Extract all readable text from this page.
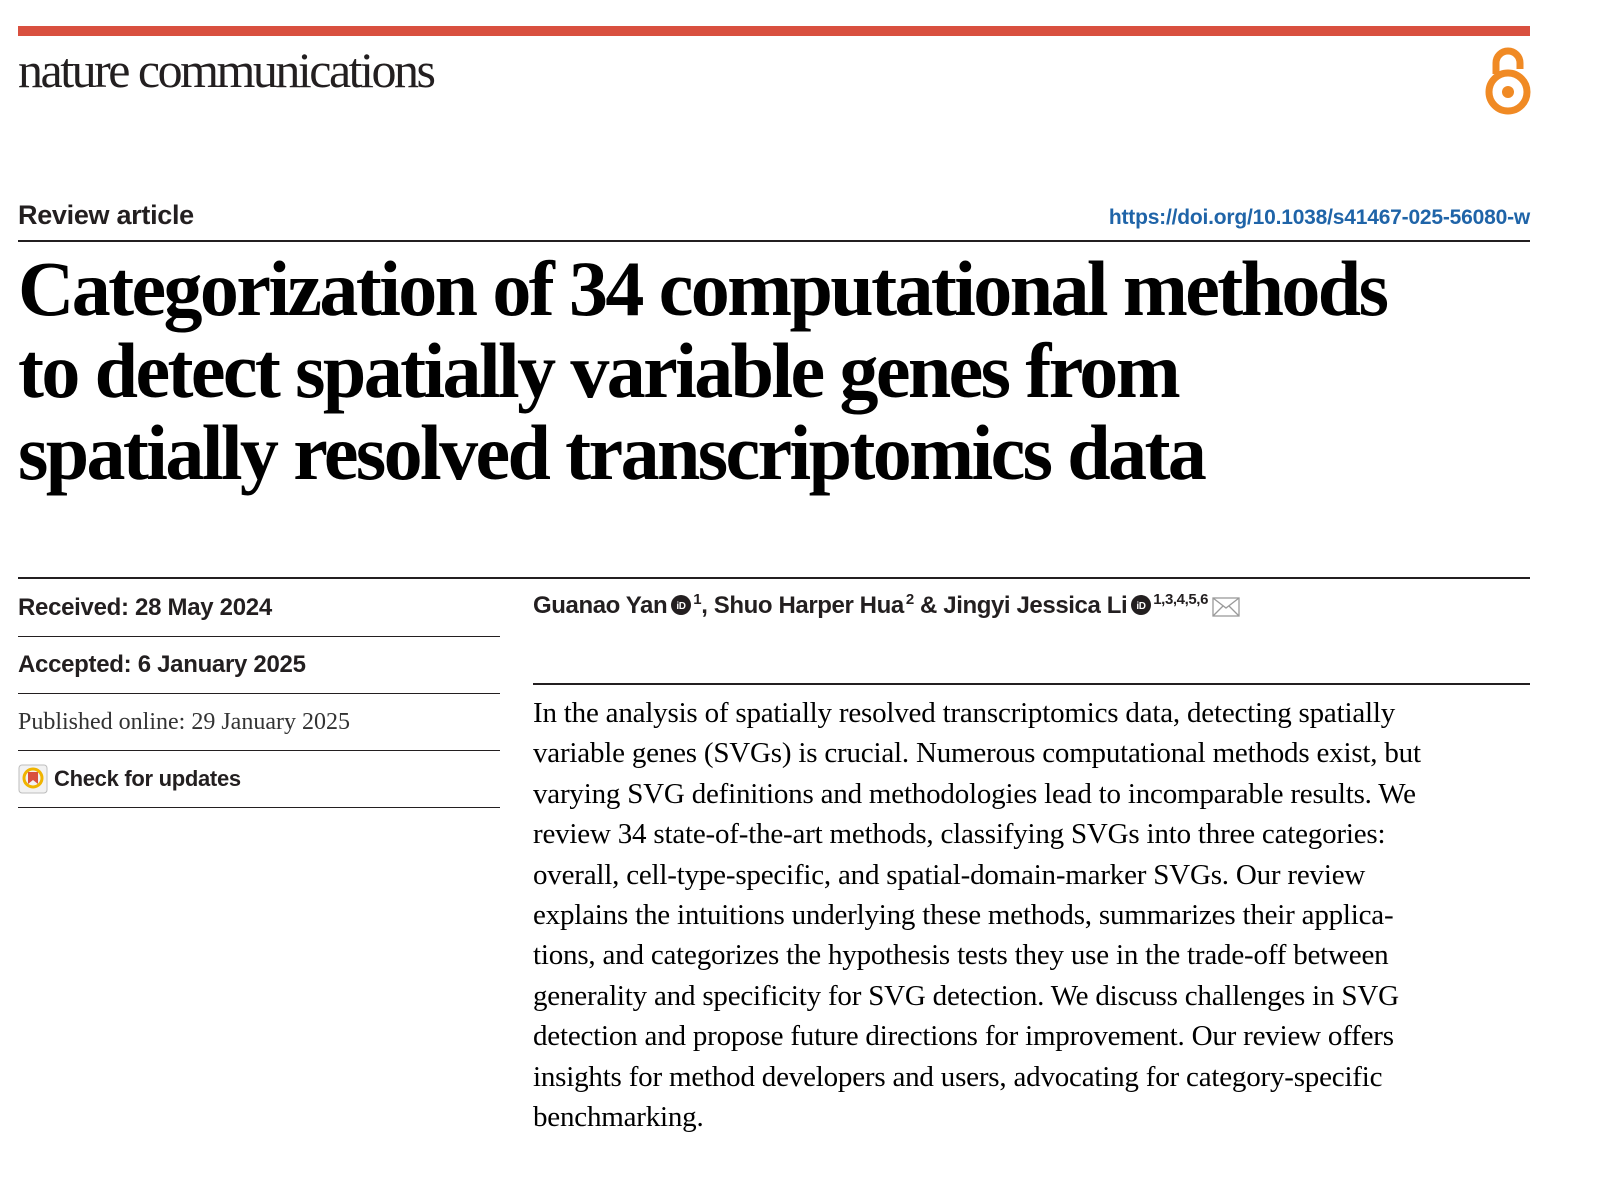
nature communications
Review article	https://doi.org/10.1038/s41467-025-56080-w
Categorization of 34 computational methods
to detect spatially variable genes from
spatially resolved transcriptomics data
Received: 28 May 2024
Accepted: 6 January 2025
Published online: 29 January 2025
Check for updates
Guanao Yan iD $^1$, Shuo Harper Hua $^2$ & Jingyi Jessica Li iD $^{1,3,4,5,6}$
In the analysis of spatially resolved transcriptomics data, detecting spatially
variable genes (SVGs) is crucial. Numerous computational methods exist, but
varying SVG definitions and methodologies lead to incomparable results. We
review 34 state-of-the-art methods, classifying SVGs into three categories:
overall, cell-type-specific, and spatial-domain-marker SVGs. Our review
explains the intuitions underlying these methods, summarizes their applica-
tions, and categorizes the hypothesis tests they use in the trade-off between
generality and specificity for SVG detection. We discuss challenges in SVG
detection and propose future directions for improvement. Our review offers
insights for method developers and users, advocating for category-specific
benchmarking.
